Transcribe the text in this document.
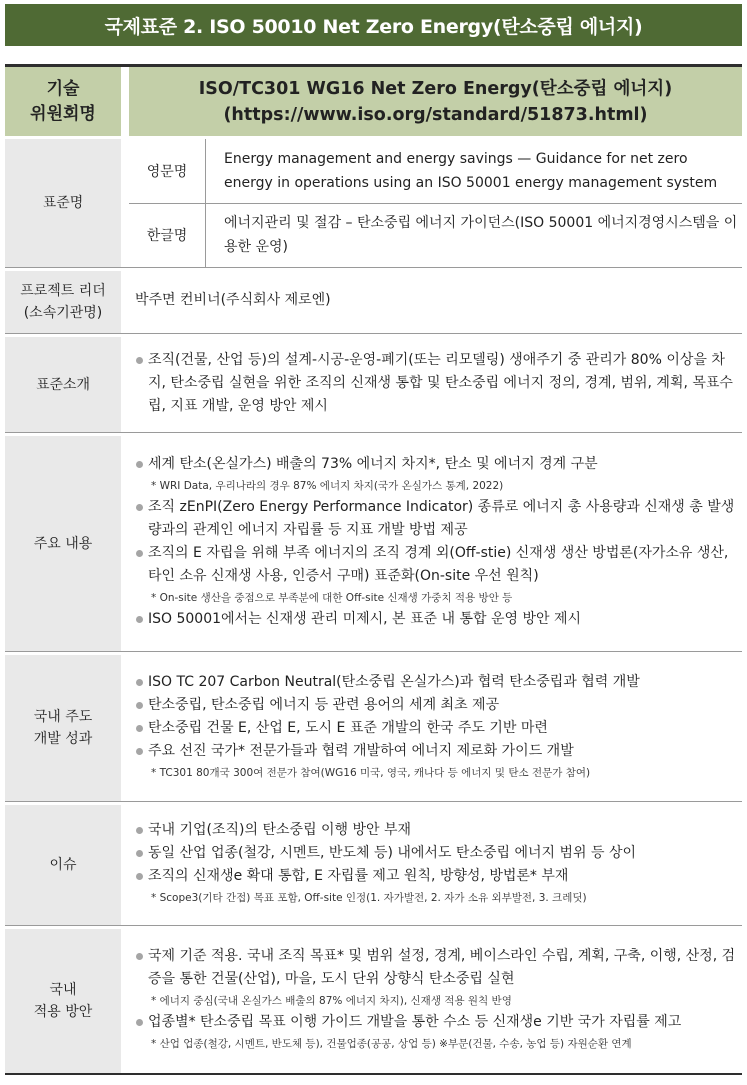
국제표준 2. ISO 50010 Net Zero Energy(탄소중립 에너지)
기술
위원회명
ISO/TC301 WG16 Net Zero Energy(탄소중립 에너지)
(https://www.iso.org/standard/51873.html)
표준명
영문명
Energy management and energy savings — Guidance for net zero energy in operations using an ISO 50001 energy management system
한글명
에너지관리 및 절감 – 탄소중립 에너지 가이던스(ISO 50001 에너지경영시스템을 이용한 운영)
프로젝트 리더
(소속기관명)
박주면 컨비너(주식회사 제로엔)
표준소개
조직(건물, 산업 등)의 설계-시공-운영-폐기(또는 리모델링) 생애주기 중 관리가 80% 이상을 차지, 탄소중립 실현을 위한 조직의 신재생 통합 및 탄소중립 에너지 정의, 경계, 범위, 계획, 목표수립, 지표 개발, 운영 방안 제시
주요 내용
세계 탄소(온실가스) 배출의 73% 에너지 차지*, 탄소 및 에너지 경계 구분
* WRI Data, 우리나라의 경우 87% 에너지 차지(국가 온실가스 통계, 2022)
조직 zEnPI(Zero Energy Performance Indicator) 종류로 에너지 총 사용량과 신재생 총 발생량과의 관계인 에너지 자립률 등 지표 개발 방법 제공
조직의 E 자립을 위해 부족 에너지의 조직 경계 외(Off-stie) 신재생 생산 방법론(자가소유 생산, 타인 소유 신재생 사용, 인증서 구매) 표준화(On-site 우선 원칙)
* On-site 생산을 중점으로 부족분에 대한 Off-site 신재생 가중치 적용 방안 등
ISO 50001에서는 신재생 관리 미제시, 본 표준 내 통합 운영 방안 제시
국내 주도
개발 성과
ISO TC 207 Carbon Neutral(탄소중립 온실가스)과 협력 탄소중립과 협력 개발
탄소중립, 탄소중립 에너지 등 관련 용어의 세계 최초 제공
탄소중립 건물 E, 산업 E, 도시 E 표준 개발의 한국 주도 기반 마련
주요 선진 국가* 전문가들과 협력 개발하여 에너지 제로화 가이드 개발
* TC301 80개국 300여 전문가 참여(WG16 미국, 영국, 캐나다 등 에너지 및 탄소 전문가 참여)
이슈
국내 기업(조직)의 탄소중립 이행 방안 부재
동일 산업 업종(철강, 시멘트, 반도체 등) 내에서도 탄소중립 에너지 범위 등 상이
조직의 신재생e 확대 통합, E 자립률 제고 원칙, 방향성, 방법론* 부재
* Scope3(기타 간접) 목표 포함, Off-site 인정(1. 자가발전, 2. 자가 소유 외부발전, 3. 크레딧)
국내
적용 방안
국제 기준 적용. 국내 조직 목표* 및 범위 설정, 경계, 베이스라인 수립, 계획, 구축, 이행, 산정, 검증을 통한 건물(산업), 마을, 도시 단위 상향식 탄소중립 실현
* 에너지 중심(국내 온실가스 배출의 87% 에너지 차지), 신재생 적용 원칙 반영
업종별* 탄소중립 목표 이행 가이드 개발을 통한 수소 등 신재생e 기반 국가 자립률 제고
* 산업 업종(철강, 시멘트, 반도체 등), 건물업종(공공, 상업 등) ※부문(건물, 수송, 농업 등) 자원순환 연계
